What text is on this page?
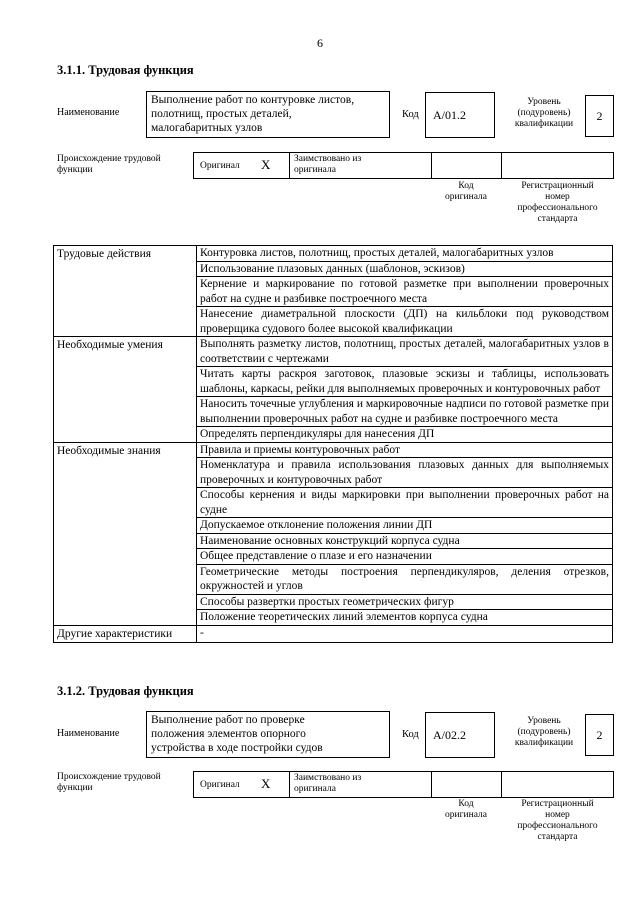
6
3.1.1. Трудовая функция
Наименование
Выполнение работ по контуровке листов,
полотнищ, простых деталей,
малогабаритных узлов
Код	А/01.2
Уровень
(подуровень)
квалификации
2
Происхождение трудовой
функции	Оригинал X Заимствовано из
оригинала
Код
оригинала
Регистрационный
номер
профессионального
стандарта
Трудовые действия	Контуровка листов, полотнищ, простых деталей, малогабаритных узлов
	Использование плазовых данных (шаблонов, эскизов)
	Кернение и маркирование по готовой разметке при выполнении проверочных работ на судне и разбивке построечного места
	Нанесение диаметральной плоскости (ДП) на кильблоки под руководством проверщика судового более высокой квалификации
Необходимые умения	Выполнять разметку листов, полотнищ, простых деталей, малогабаритных узлов в соответствии с чертежами
	Читать карты раскроя заготовок, плазовые эскизы и таблицы, использовать шаблоны, каркасы, рейки для выполняемых проверочных и контуровочных работ
	Наносить точечные углубления и маркировочные надписи по готовой разметке при выполнении проверочных работ на судне и разбивке построечного места
	Определять перпендикуляры для нанесения ДП
Необходимые знания	Правила и приемы контуровочных работ
	Номенклатура и правила использования плазовых данных для выполняемых проверочных и контуровочных работ
	Способы кернения и виды маркировки при выполнении проверочных работ на судне
	Допускаемое отклонение положения линии ДП
	Наименование основных конструкций корпуса судна
	Общее представление о плазе и его назначении
	Геометрические методы построения перпендикуляров, деления отрезков, окружностей и углов
	Способы развертки простых геометрических фигур
	Положение теоретических линий элементов корпуса судна
Другие характеристики	-
3.1.2. Трудовая функция
Наименование
Выполнение работ по проверке
положения элементов опорного
устройства в ходе постройки судов
Код	А/02.2
Уровень
(подуровень)
квалификации
2
Происхождение трудовой
функции	Оригинал X Заимствовано из
оригинала
Код
оригинала
Регистрационный
номер
профессионального
стандарта
